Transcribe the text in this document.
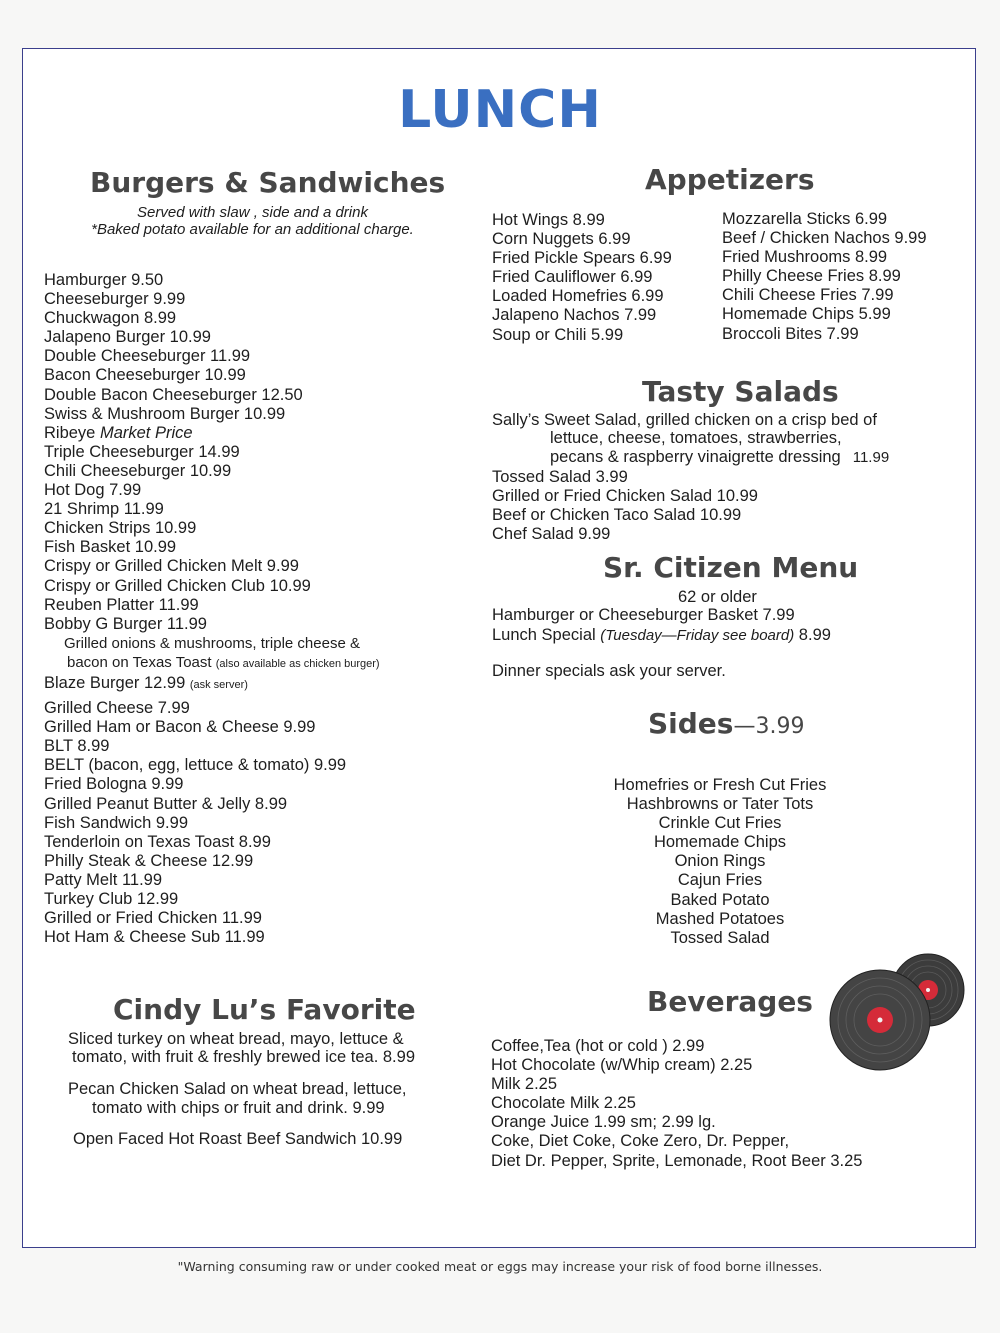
LUNCH
Burgers & Sandwiches
Served with slaw , side and a drink
*Baked potato available for an additional charge.
Hamburger 9.50
Cheeseburger 9.99
Chuckwagon 8.99
Jalapeno Burger 10.99
Double Cheeseburger 11.99
Bacon Cheeseburger 10.99
Double Bacon Cheeseburger 12.50
Swiss & Mushroom Burger 10.99
Ribeye Market Price
Triple Cheeseburger 14.99
Chili Cheeseburger 10.99
Hot Dog 7.99
21 Shrimp 11.99
Chicken Strips 10.99
Fish Basket 10.99
Crispy or Grilled Chicken Melt 9.99
Crispy or Grilled Chicken Club 10.99
Reuben Platter 11.99
Bobby G Burger 11.99
Grilled onions & mushrooms, triple cheese &
bacon on Texas Toast (also available as chicken burger)
Blaze Burger 12.99 (ask server)
Grilled Cheese 7.99
Grilled Ham or Bacon & Cheese 9.99
BLT 8.99
BELT (bacon, egg, lettuce & tomato) 9.99
Fried Bologna 9.99
Grilled Peanut Butter & Jelly 8.99
Fish Sandwich 9.99
Tenderloin on Texas Toast 8.99
Philly Steak & Cheese 12.99
Patty Melt 11.99
Turkey Club 12.99
Grilled or Fried Chicken 11.99
Hot Ham & Cheese Sub 11.99
Cindy Lu’s Favorite
Sliced turkey on wheat bread, mayo, lettuce &
tomato, with fruit & freshly brewed ice tea. 8.99
Pecan Chicken Salad on wheat bread, lettuce,
tomato with chips or fruit and drink. 9.99
Open Faced Hot Roast Beef Sandwich 10.99
Appetizers
Hot Wings 8.99
Corn Nuggets 6.99
Fried Pickle Spears 6.99
Fried Cauliflower 6.99
Loaded Homefries 6.99
Jalapeno Nachos 7.99
Soup or Chili 5.99
Mozzarella Sticks 6.99
Beef / Chicken Nachos 9.99
Fried Mushrooms 8.99
Philly Cheese Fries 8.99
Chili Cheese Fries 7.99
Homemade Chips 5.99
Broccoli Bites 7.99
Tasty Salads
Sally’s Sweet Salad, grilled chicken on a crisp bed of
lettuce, cheese, tomatoes, strawberries,
pecans & raspberry vinaigrette dressing 11.99
Tossed Salad 3.99
Grilled or Fried Chicken Salad 10.99
Beef or Chicken Taco Salad 10.99
Chef Salad 9.99
Sr. Citizen Menu
62 or older
Hamburger or Cheeseburger Basket 7.99
Lunch Special (Tuesday—Friday see board) 8.99
Dinner specials ask your server.
Sides—3.99
Homefries or Fresh Cut Fries
Hashbrowns or Tater Tots
Crinkle Cut Fries
Homemade Chips
Onion Rings
Cajun Fries
Baked Potato
Mashed Potatoes
Tossed Salad
Beverages
Coffee,Tea (hot or cold ) 2.99
Hot Chocolate (w/Whip cream) 2.25
Milk 2.25
Chocolate Milk 2.25
Orange Juice 1.99 sm; 2.99 lg.
Coke, Diet Coke, Coke Zero, Dr. Pepper,
Diet Dr. Pepper, Sprite, Lemonade, Root Beer 3.25
"Warning consuming raw or under cooked meat or eggs may increase your risk of food borne illnesses.
